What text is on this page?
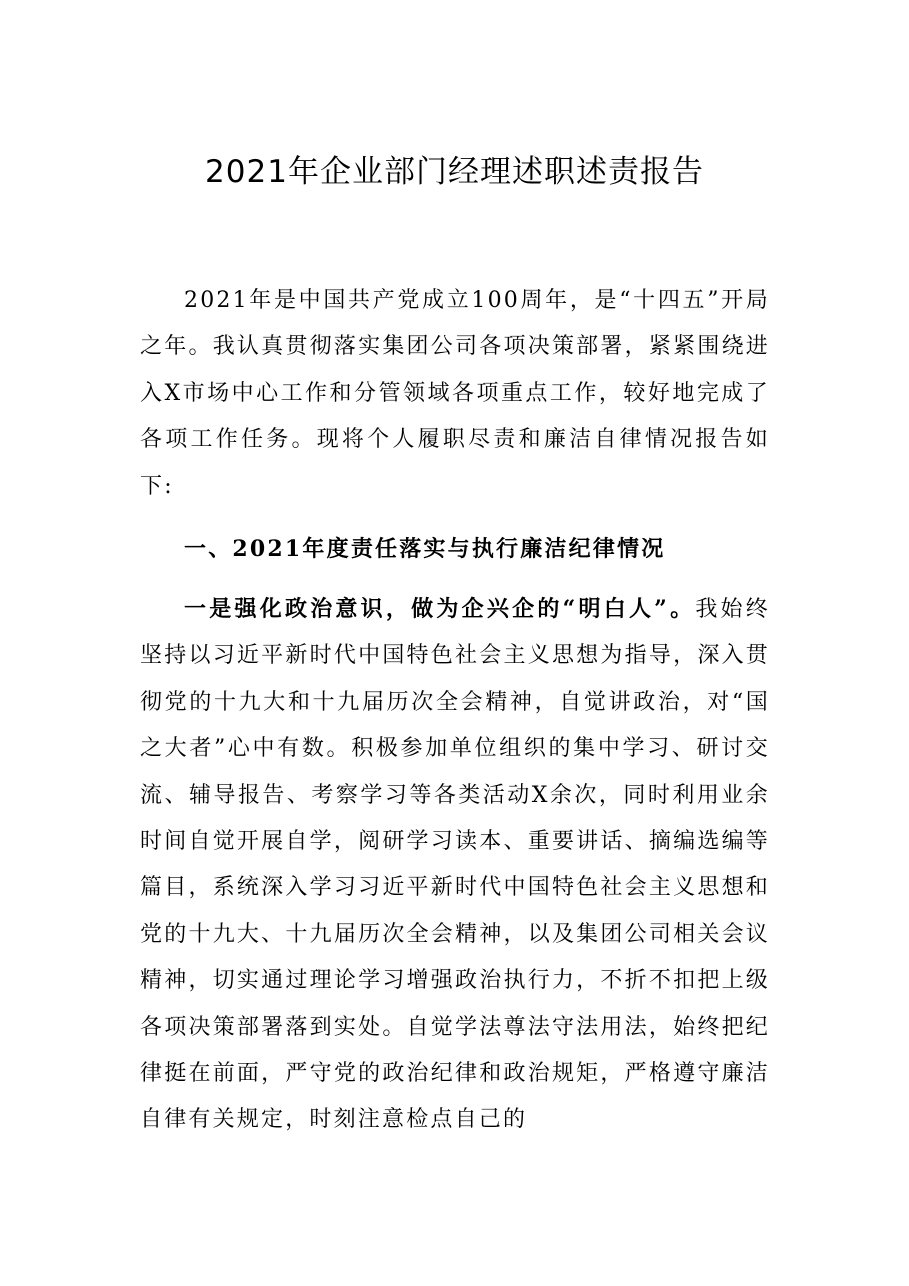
2021年企业部门经理述职述责报告

2021年是中国共产党成立100周年，是“十四五”开局之年。我认真贯彻落实集团公司各项决策部署，紧紧围绕进入X市场中心工作和分管领域各项重点工作，较好地完成了各项工作任务。现将个人履职尽责和廉洁自律情况报告如下:

一、2021年度责任落实与执行廉洁纪律情况

一是强化政治意识，做为企兴企的“明白人”。我始终坚持以习近平新时代中国特色社会主义思想为指导，深入贯彻党的十九大和十九届历次全会精神，自觉讲政治，对“国之大者”心中有数。积极参加单位组织的集中学习、研讨交流、辅导报告、考察学习等各类活动X余次，同时利用业余时间自觉开展自学，阅研学习读本、重要讲话、摘编选编等篇目，系统深入学习习近平新时代中国特色社会主义思想和党的十九大、十九届历次全会精神，以及集团公司相关会议精神，切实通过理论学习增强政治执行力，不折不扣把上级各项决策部署落到实处。自觉学法尊法守法用法，始终把纪律挺在前面，严守党的政治纪律和政治规矩，严格遵守廉洁自律有关规定，时刻注意检点自己的
